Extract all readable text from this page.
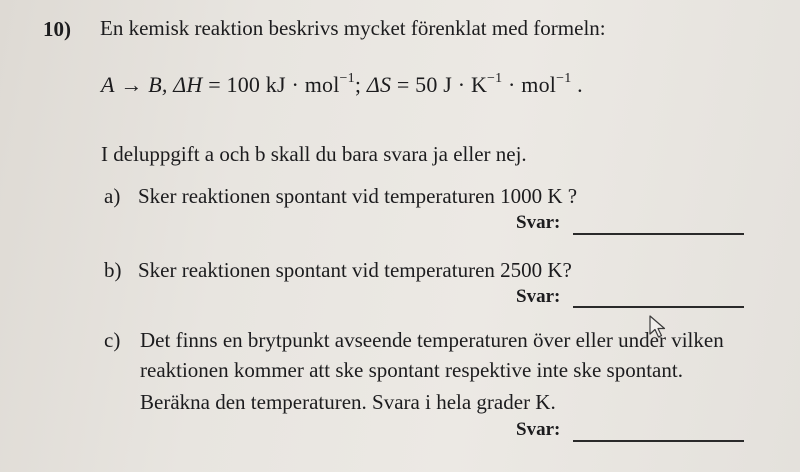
10) En kemisk reaktion beskrivs mycket förenklat med formeln:
A → B, ΔH = 100 kJ · mol$^{-1}$; ΔS = 50 $J \cdot K^{-1} \cdot mol^{-1}$ .
I deluppgift a och b skall du bara svara ja eller nej.
a) Sker reaktionen spontant vid temperaturen 1000 K ?
Svar:
b) Sker reaktionen spontant vid temperaturen 2500 K?
Svar:
c) Det finns en brytpunkt avseende temperaturen över eller under vilken
reaktionen kommer att ske spontant respektive inte ske spontant.
Beräkna den temperaturen. Svara i hela grader K.
Svar:
